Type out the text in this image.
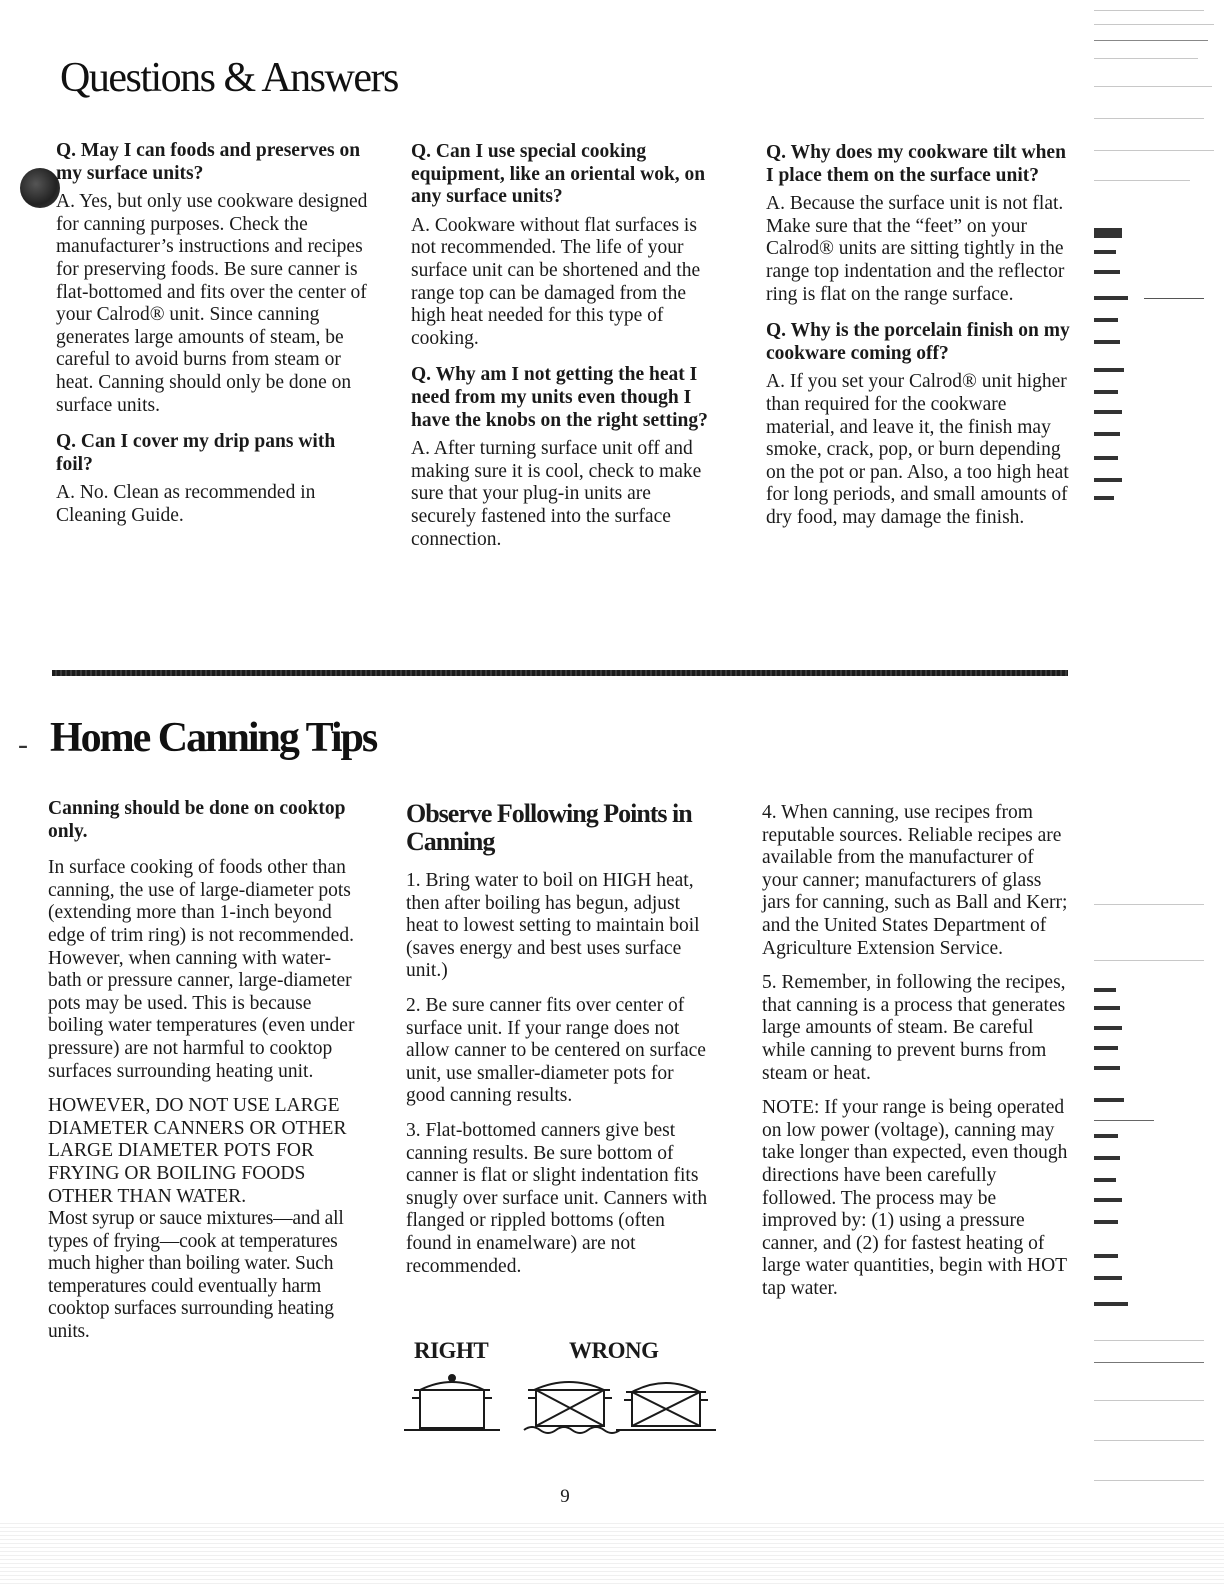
Questions & Answers

Q. May I can foods and preserves on my surface units?

A. Yes, but only use cookware designed for canning purposes. Check the manufacturer’s instructions and recipes for preserving foods. Be sure canner is flat-bottomed and fits over the center of your Calrod® unit. Since canning generates large amounts of steam, be careful to avoid burns from steam or heat. Canning should only be done on surface units.

Q. Can I cover my drip pans with foil?

A. No. Clean as recommended in Cleaning Guide.

Q. Can I use special cooking equipment, like an oriental wok, on any surface units?

A. Cookware without flat surfaces is not recommended. The life of your surface unit can be shortened and the range top can be damaged from the high heat needed for this type of cooking.

Q. Why am I not getting the heat I need from my units even though I have the knobs on the right setting?

A. After turning surface unit off and making sure it is cool, check to make sure that your plug-in units are securely fastened into the surface connection.

Q. Why does my cookware tilt when I place them on the surface unit?

A. Because the surface unit is not flat. Make sure that the “feet” on your Calrod® units are sitting tightly in the range top indentation and the reflector ring is flat on the range surface.

Q. Why is the porcelain finish on my cookware coming off?

A. If you set your Calrod® unit higher than required for the cookware material, and leave it, the finish may smoke, crack, pop, or burn depending on the pot or pan. Also, a too high heat for long periods, and small amounts of dry food, may damage the finish.

- Home Canning Tips

Canning should be done on cooktop only.

In surface cooking of foods other than canning, the use of large-diameter pots (extending more than 1-inch beyond edge of trim ring) is not recommended. However, when canning with water-bath or pressure canner, large-diameter pots may be used. This is because boiling water temperatures (even under pressure) are not harmful to cooktop surfaces surrounding heating unit.

HOWEVER, DO NOT USE LARGE DIAMETER CANNERS OR OTHER LARGE DIAMETER POTS FOR FRYING OR BOILING FOODS OTHER THAN WATER.

Most syrup or sauce mixtures—and all types of frying—cook at temperatures much higher than boiling water. Such temperatures could eventually harm cooktop surfaces surrounding heating units.

Observe Following Points in Canning

1. Bring water to boil on HIGH heat, then after boiling has begun, adjust heat to lowest setting to maintain boil (saves energy and best uses surface unit.)

2. Be sure canner fits over center of surface unit. If your range does not allow canner to be centered on surface unit, use smaller-diameter pots for good canning results.

3. Flat-bottomed canners give best canning results. Be sure bottom of canner is flat or slight indentation fits snugly over surface unit. Canners with flanged or rippled bottoms (often found in enamelware) are not recommended.

RIGHT	WRONG

4. When canning, use recipes from reputable sources. Reliable recipes are available from the manufacturer of your canner; manufacturers of glass jars for canning, such as Ball and Kerr; and the United States Department of Agriculture Extension Service.

5. Remember, in following the recipes, that canning is a process that generates large amounts of steam. Be careful while canning to prevent burns from steam or heat.

NOTE: If your range is being operated on low power (voltage), canning may take longer than expected, even though directions have been carefully followed. The process may be improved by: (1) using a pressure canner, and (2) for fastest heating of large water quantities, begin with HOT tap water.

9
